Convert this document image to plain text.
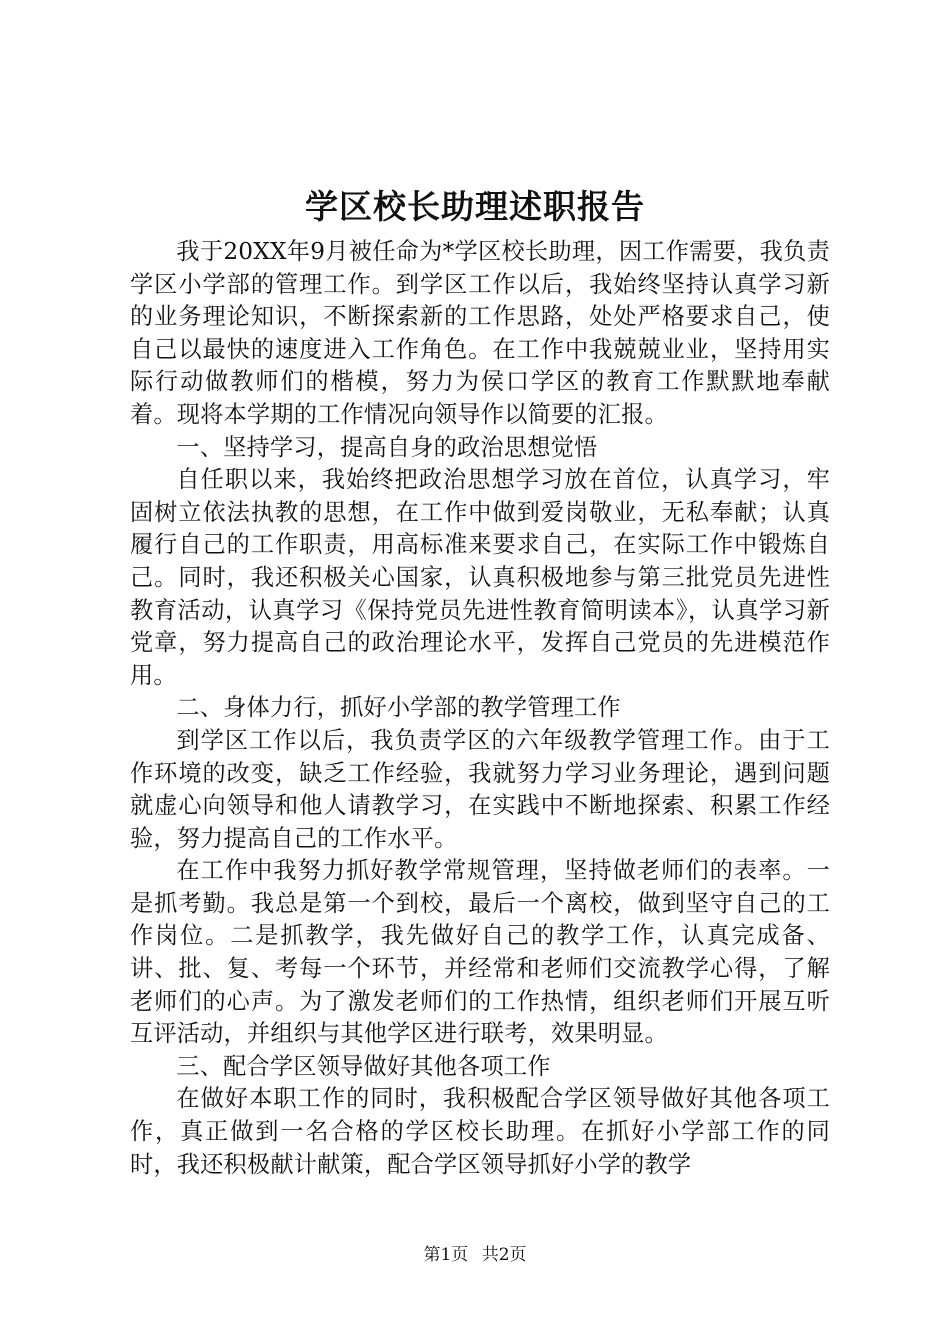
学区校长助理述职报告

我于20XX年9月被任命为*学区校长助理，因工作需要，我负责学区小学部的管理工作。到学区工作以后，我始终坚持认真学习新的业务理论知识，不断探索新的工作思路，处处严格要求自己，使自己以最快的速度进入工作角色。在工作中我兢兢业业，坚持用实际行动做教师们的楷模，努力为侯口学区的教育工作默默地奉献着。现将本学期的工作情况向领导作以简要的汇报。

一、坚持学习，提高自身的政治思想觉悟

自任职以来，我始终把政治思想学习放在首位，认真学习，牢固树立依法执教的思想，在工作中做到爱岗敬业，无私奉献；认真履行自己的工作职责，用高标准来要求自己，在实际工作中锻炼自己。同时，我还积极关心国家，认真积极地参与第三批党员先进性教育活动，认真学习《保持党员先进性教育简明读本》，认真学习新党章，努力提高自己的政治理论水平，发挥自己党员的先进模范作用。

二、身体力行，抓好小学部的教学管理工作

到学区工作以后，我负责学区的六年级教学管理工作。由于工作环境的改变，缺乏工作经验，我就努力学习业务理论，遇到问题就虚心向领导和他人请教学习，在实践中不断地探索、积累工作经验，努力提高自己的工作水平。

在工作中我努力抓好教学常规管理，坚持做老师们的表率。一是抓考勤。我总是第一个到校，最后一个离校，做到坚守自己的工作岗位。二是抓教学，我先做好自己的教学工作，认真完成备、讲、批、复、考每一个环节，并经常和老师们交流教学心得，了解老师们的心声。为了激发老师们的工作热情，组织老师们开展互听互评活动，并组织与其他学区进行联考，效果明显。

三、配合学区领导做好其他各项工作

在做好本职工作的同时，我积极配合学区领导做好其他各项工作，真正做到一名合格的学区校长助理。在抓好小学部工作的同时，我还积极献计献策，配合学区领导抓好小学的教学

第1页 共2页
